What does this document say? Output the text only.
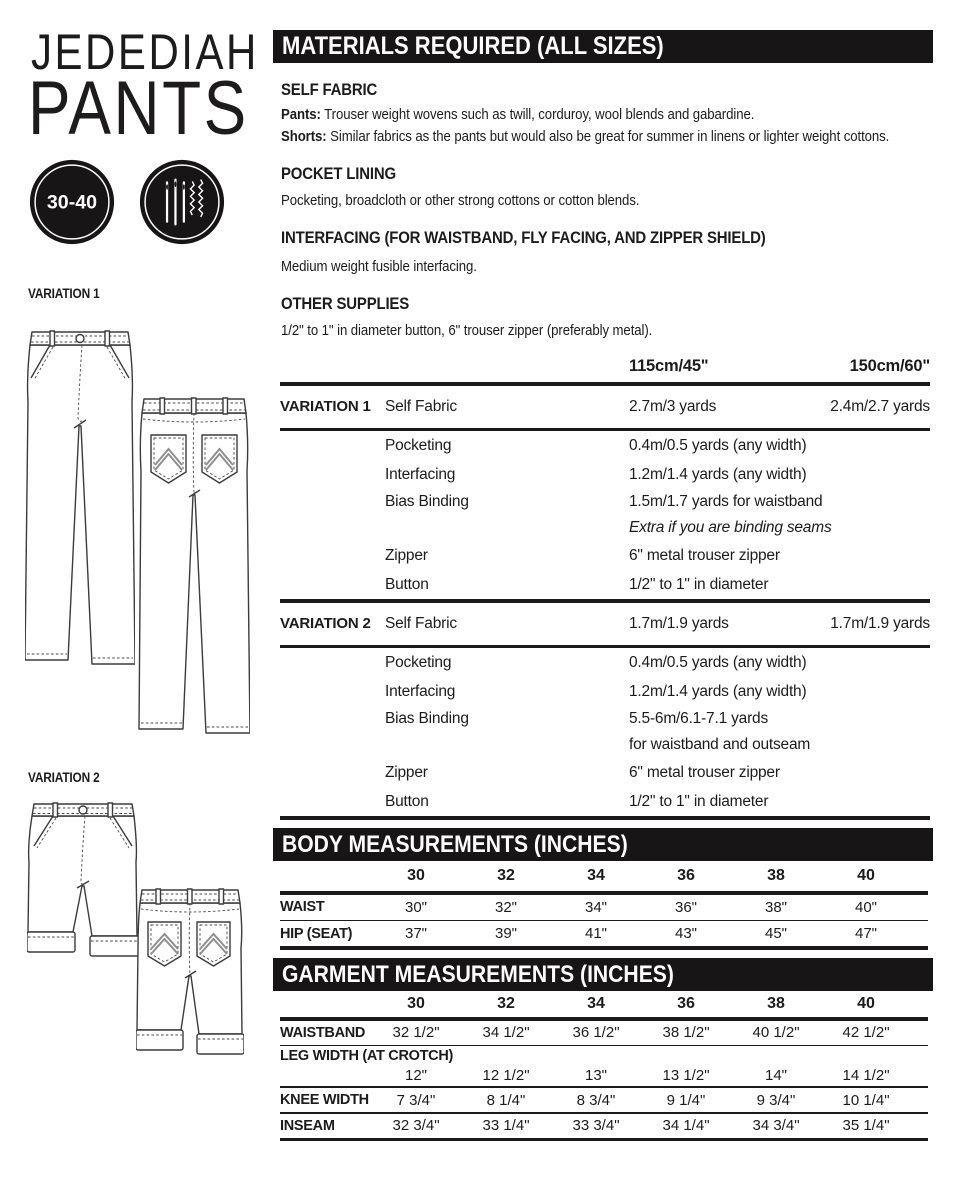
JEDEDIAH
PANTS
30-40
VARIATION 1
VARIATION 2
MATERIALS REQUIRED (ALL SIZES)
SELF FABRIC
Pants: Trouser weight wovens such as twill, corduroy, wool blends and gabardine.
Shorts: Similar fabrics as the pants but would also be great for summer in linens or lighter weight cottons.
POCKET LINING
Pocketing, broadcloth or other strong cottons or cotton blends.
INTERFACING (FOR WAISTBAND, FLY FACING, AND ZIPPER SHIELD)
Medium weight fusible interfacing.
OTHER SUPPLIES
1/2" to 1" in diameter button, 6" trouser zipper (preferably metal).
115cm/45"	150cm/60"
VARIATION 1 Self Fabric	2.7m/3 yards	2.4m/2.7 yards
Pocketing	0.4m/0.5 yards (any width)
Interfacing	1.2m/1.4 yards (any width)
Bias Binding	1.5m/1.7 yards for waistband
Extra if you are binding seams
Zipper	6" metal trouser zipper
Button	1/2" to 1" in diameter
VARIATION 2 Self Fabric	1.7m/1.9 yards	1.7m/1.9 yards
Pocketing	0.4m/0.5 yards (any width)
Interfacing	1.2m/1.4 yards (any width)
Bias Binding	5.5-6m/6.1-7.1 yards
for waistband and outseam
Zipper	6" metal trouser zipper
Button	1/2" to 1" in diameter
BODY MEASUREMENTS (INCHES)
30	32	34	36	38	40
WAIST	30"	32"	34"	36"	38"	40"
HIP (SEAT)	37"	39"	41"	43"	45"	47"
GARMENT MEASUREMENTS (INCHES)
30	32	34	36	38	40
WAISTBAND	32 1/2"	34 1/2"	36 1/2"	38 1/2"	40 1/2"	42 1/2"
LEG WIDTH (AT CROTCH)
12"	12 1/2"	13"	13 1/2"	14"	14 1/2"
KNEE WIDTH	7 3/4"	8 1/4"	8 3/4"	9 1/4"	9 3/4"	10 1/4"
INSEAM	32 3/4"	33 1/4"	33 3/4"	34 1/4"	34 3/4"	35 1/4"
